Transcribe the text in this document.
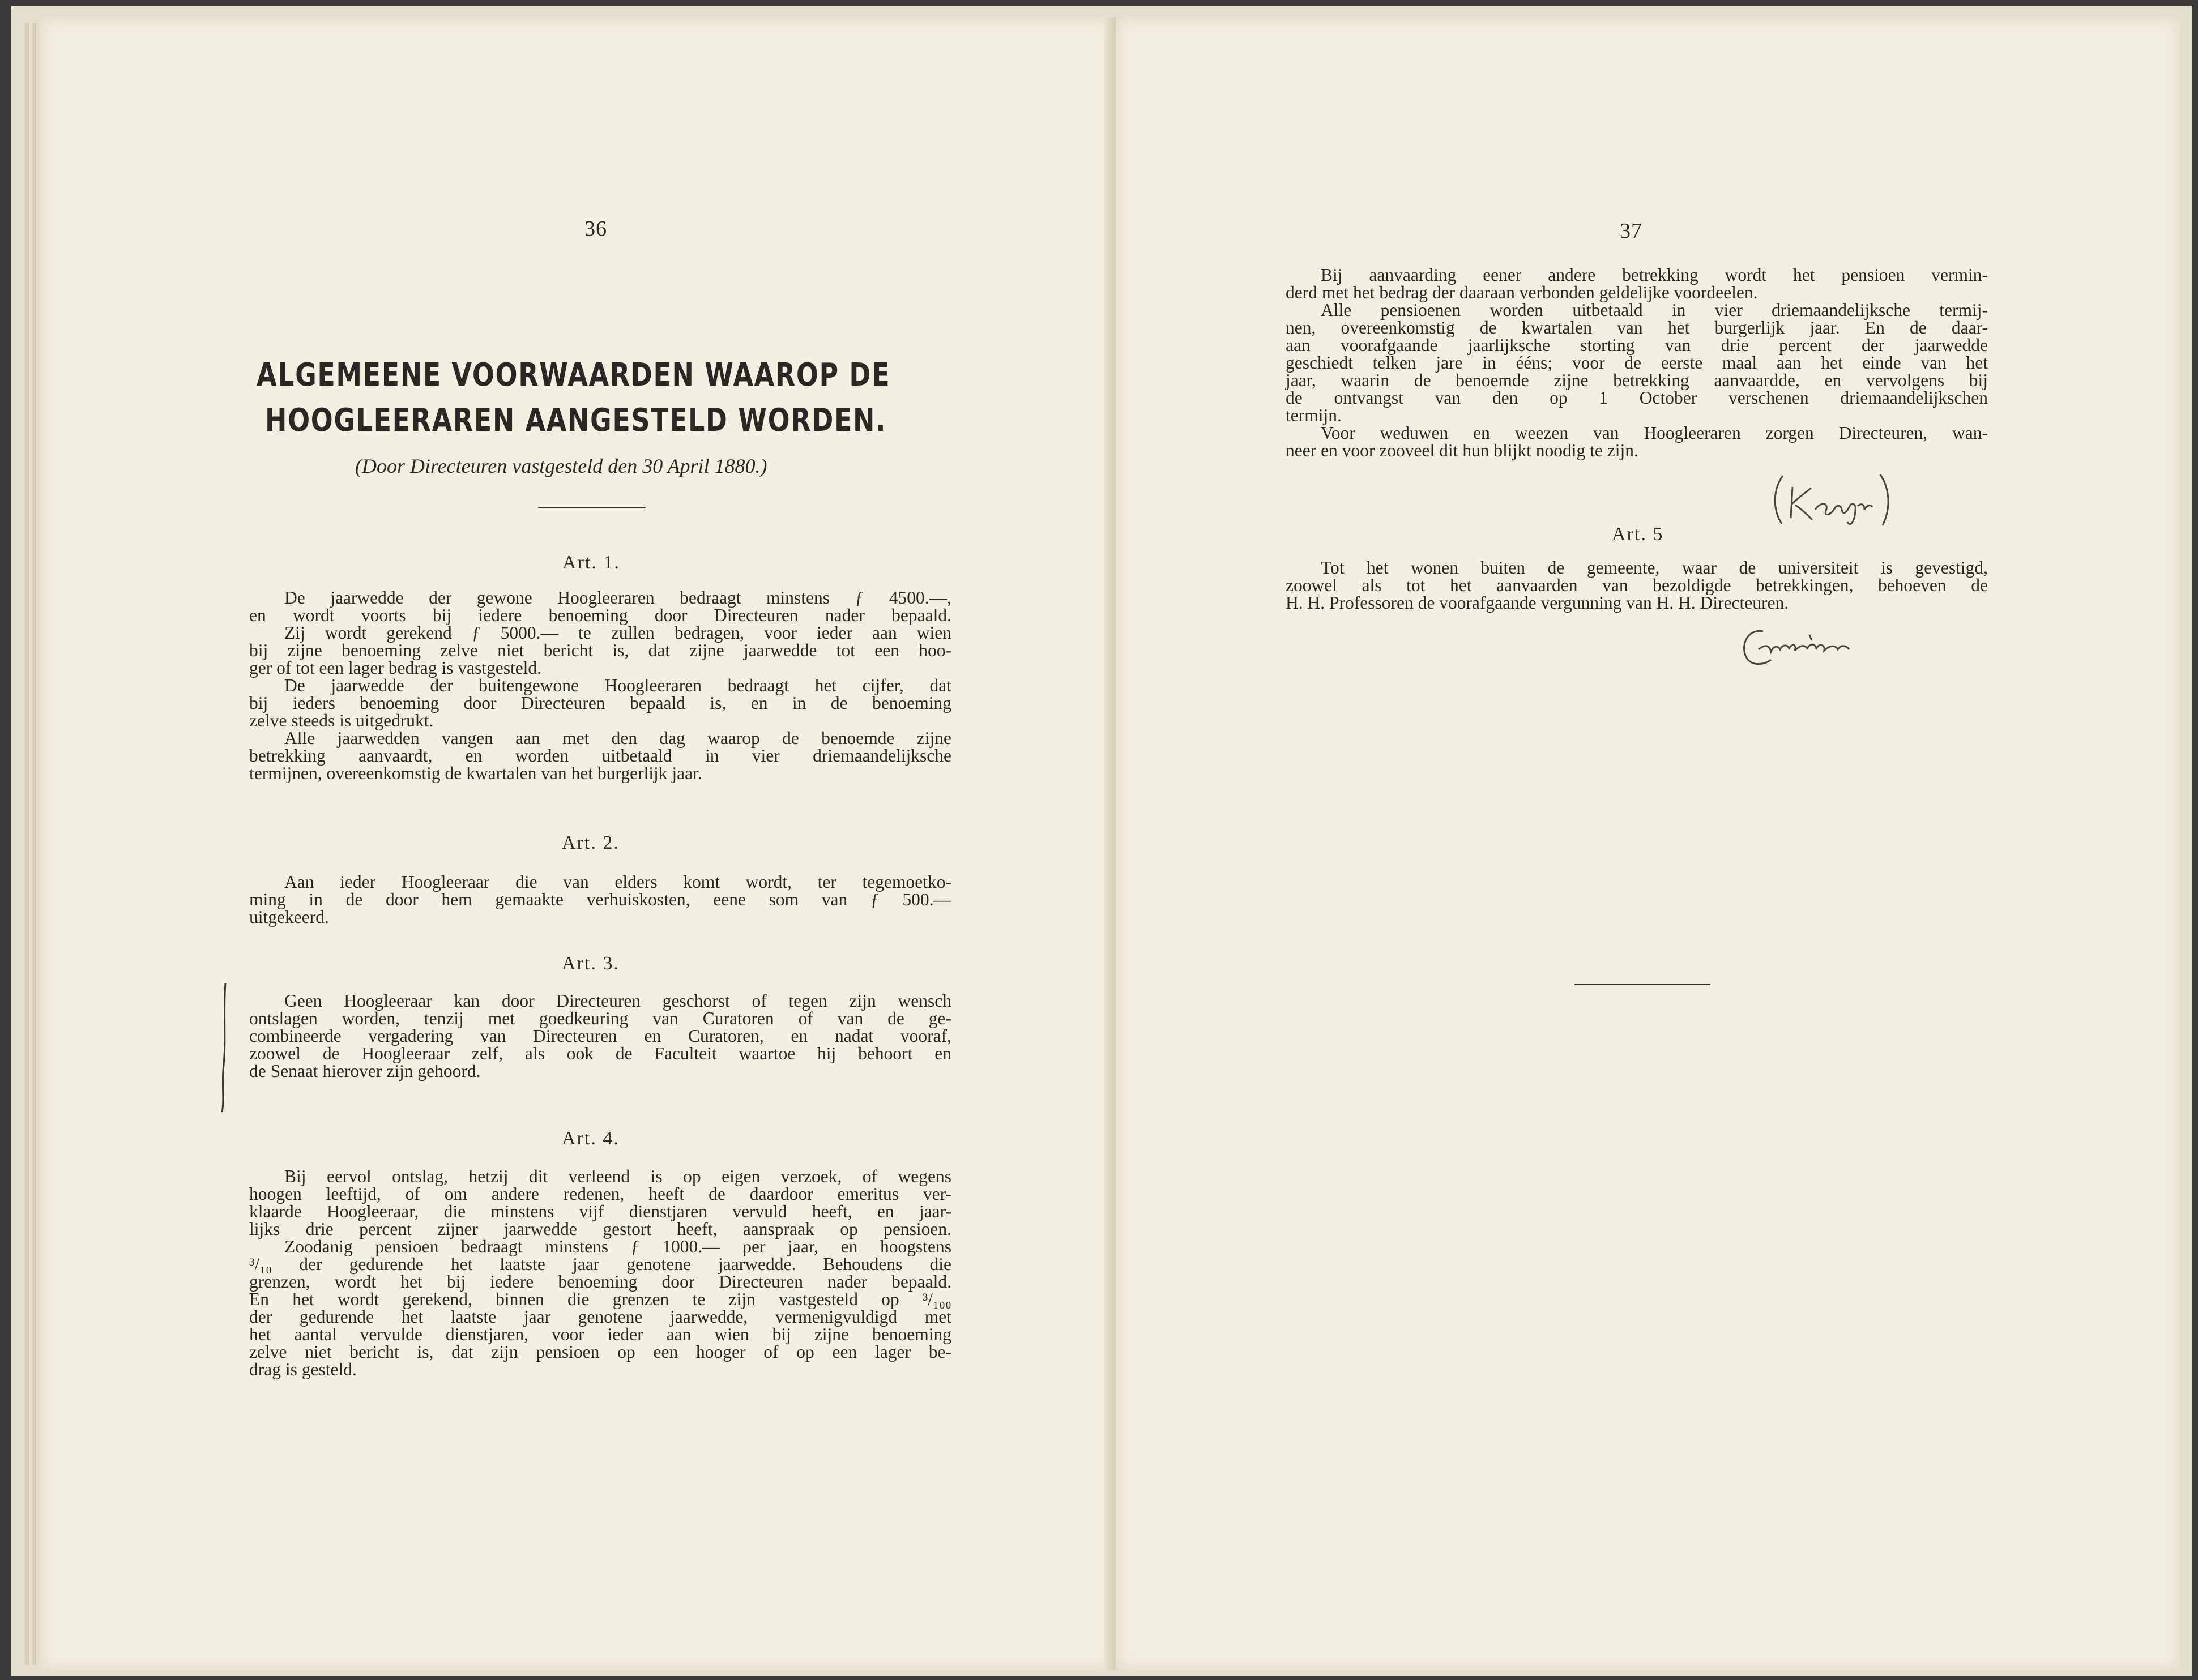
36
ALGEMEENE VOORWAARDEN WAAROP DE
HOOGLEERAREN AANGESTELD WORDEN.
(Door Directeuren vastgesteld den 30 April 1880.)
Art. 1.

De jaarwedde der gewone Hoogleeraren bedraagt minstens ƒ 4500.—,

en wordt voorts bij iedere benoeming door Directeuren nader bepaald.

Zij wordt gerekend ƒ 5000.— te zullen bedragen, voor ieder aan wien

bij zijne benoeming zelve niet bericht is, dat zijne jaarwedde tot een hoo-

ger of tot een lager bedrag is vastgesteld.

De jaarwedde der buitengewone Hoogleeraren bedraagt het cijfer, dat

bij ieders benoeming door Directeuren bepaald is, en in de benoeming

zelve steeds is uitgedrukt.

Alle jaarwedden vangen aan met den dag waarop de benoemde zijne

betrekking aanvaardt, en worden uitbetaald in vier driemaandelijksche

termijnen, overeenkomstig de kwartalen van het burgerlijk jaar.

Art. 2.

Aan ieder Hoogleeraar die van elders komt wordt, ter tegemoetko-

ming in de door hem gemaakte verhuiskosten, eene som van ƒ 500.—

uitgekeerd.

Art. 3.

Geen Hoogleeraar kan door Directeuren geschorst of tegen zijn wensch

ontslagen worden, tenzij met goedkeuring van Curatoren of van de ge-

combineerde vergadering van Directeuren en Curatoren, en nadat vooraf,

zoowel de Hoogleeraar zelf, als ook de Faculteit waartoe hij behoort en

de Senaat hierover zijn gehoord.

Art. 4.

Bij eervol ontslag, hetzij dit verleend is op eigen verzoek, of wegens

hoogen leeftijd, of om andere redenen, heeft de daardoor emeritus ver-

klaarde Hoogleeraar, die minstens vijf dienstjaren vervuld heeft, en jaar-

lijks drie percent zijner jaarwedde gestort heeft, aanspraak op pensioen.

Zoodanig pensioen bedraagt minstens ƒ 1000.— per jaar, en hoogstens

³/₁₀ der gedurende het laatste jaar genotene jaarwedde. Behoudens die

grenzen, wordt het bij iedere benoeming door Directeuren nader bepaald.

En het wordt gerekend, binnen die grenzen te zijn vastgesteld op ³/₁₀₀

der gedurende het laatste jaar genotene jaarwedde, vermenigvuldigd met

het aantal vervulde dienstjaren, voor ieder aan wien bij zijne benoeming

zelve niet bericht is, dat zijn pensioen op een hooger of op een lager be-

drag is gesteld.

37

Bij aanvaarding eener andere betrekking wordt het pensioen vermin-

derd met het bedrag der daaraan verbonden geldelijke voordeelen.

Alle pensioenen worden uitbetaald in vier driemaandelijksche termij-

nen, overeenkomstig de kwartalen van het burgerlijk jaar. En de daar-

aan voorafgaande jaarlijksche storting van drie percent der jaarwedde

geschiedt telken jare in ééns; voor de eerste maal aan het einde van het

jaar, waarin de benoemde zijne betrekking aanvaardde, en vervolgens bij

de ontvangst van den op 1 October verschenen driemaandelijkschen

termijn.

Voor weduwen en weezen van Hoogleeraren zorgen Directeuren, wan-

neer en voor zooveel dit hun blijkt noodig te zijn.

Art. 5

Tot het wonen buiten de gemeente, waar de universiteit is gevestigd,

zoowel als tot het aanvaarden van bezoldigde betrekkingen, behoeven de

H. H. Professoren de voorafgaande vergunning van H. H. Directeuren.
